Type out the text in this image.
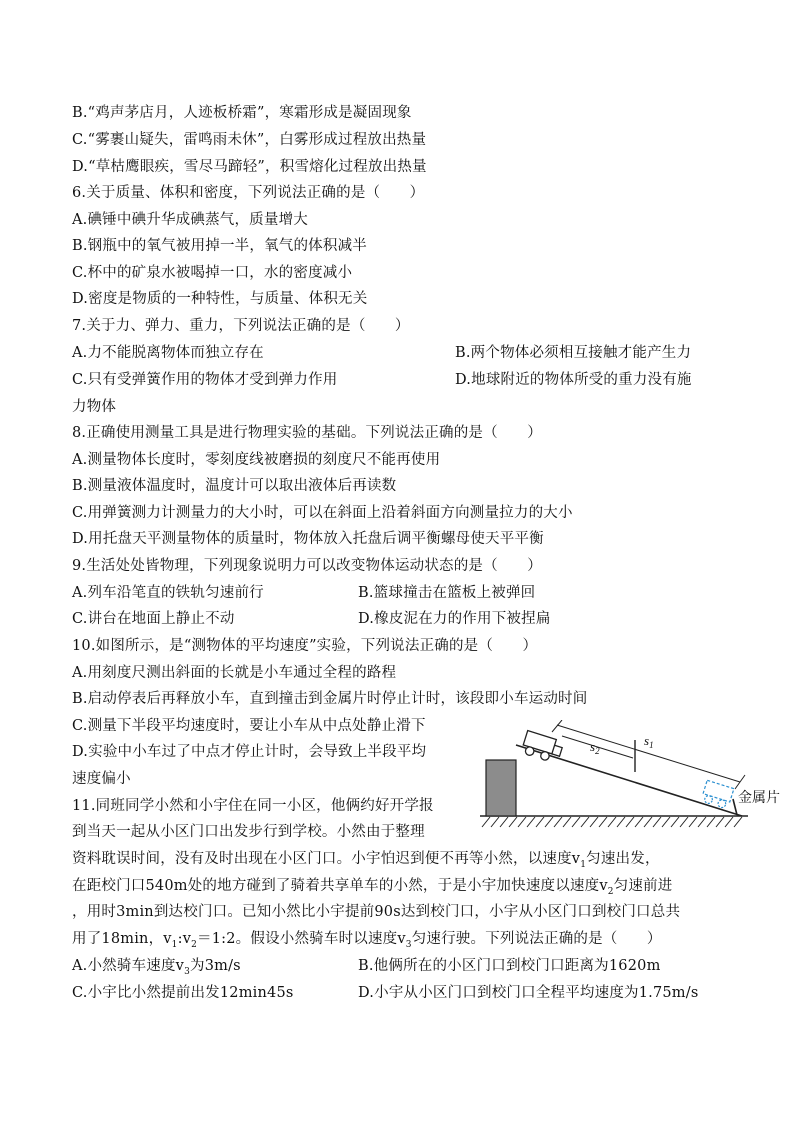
B.“鸡声茅店月，人迹板桥霜”，寒霜形成是凝固现象
C.“雾裹山疑失，雷鸣雨未休”，白雾形成过程放出热量
D.“草枯鹰眼疾，雪尽马蹄轻”，积雪熔化过程放出热量
6.关于质量、体积和密度，下列说法正确的是（　　）
A.碘锤中碘升华成碘蒸气，质量增大
B.钢瓶中的氧气被用掉一半，氧气的体积减半
C.杯中的矿泉水被喝掉一口，水的密度减小
D.密度是物质的一种特性，与质量、体积无关
7.关于力、弹力、重力，下列说法正确的是（　　）
A.力不能脱离物体而独立存在	B.两个物体必须相互接触才能产生力
C.只有受弹簧作用的物体才受到弹力作用	D.地球附近的物体所受的重力没有施
力物体
8.正确使用测量工具是进行物理实验的基础。下列说法正确的是（　　）
A.测量物体长度时，零刻度线被磨损的刻度尺不能再使用
B.测量液体温度时，温度计可以取出液体后再读数
C.用弹簧测力计测量力的大小时，可以在斜面上沿着斜面方向测量拉力的大小
D.用托盘天平测量物体的质量时，物体放入托盘后调平衡螺母使天平平衡
9.生活处处皆物理，下列现象说明力可以改变物体运动状态的是（　　）
A.列车沿笔直的铁轨匀速前行	B.篮球撞击在篮板上被弹回
C.讲台在地面上静止不动	D.橡皮泥在力的作用下被捏扁
10.如图所示，是“测物体的平均速度”实验，下列说法正确的是（　　）
A.用刻度尺测出斜面的长就是小车通过全程的路程
B.启动停表后再释放小车，直到撞击到金属片时停止计时，该段即小车运动时间
C.测量下半段平均速度时，要让小车从中点处静止滑下
D.实验中小车过了中点才停止计时，会导致上半段平均
速度偏小
$s_1$
$s_2$
金属片
11.同班同学小然和小宇住在同一小区，他俩约好开学报
到当天一起从小区门口出发步行到学校。小然由于整理
资料耽误时间，没有及时出现在小区门口。小宇怕迟到便不再等小然，以速度$v_1$匀速出发，
在距校门口540m处的地方碰到了骑着共享单车的小然，于是小宇加快速度以速度$v_2$匀速前进
，用时3min到达校门口。已知小然比小宇提前90s达到校门口，小宇从小区门口到校门口总共
用了18min，$v_1:v_2=1:2$。假设小然骑车时以速度$v_3$匀速行驶。下列说法正确的是（　　）
A.小然骑车速度$v_3$为3m/s	B.他俩所在的小区门口到校门口距离为1620m
C.小宇比小然提前出发12min45s	D.小宇从小区门口到校门口全程平均速度为1.75m/s
